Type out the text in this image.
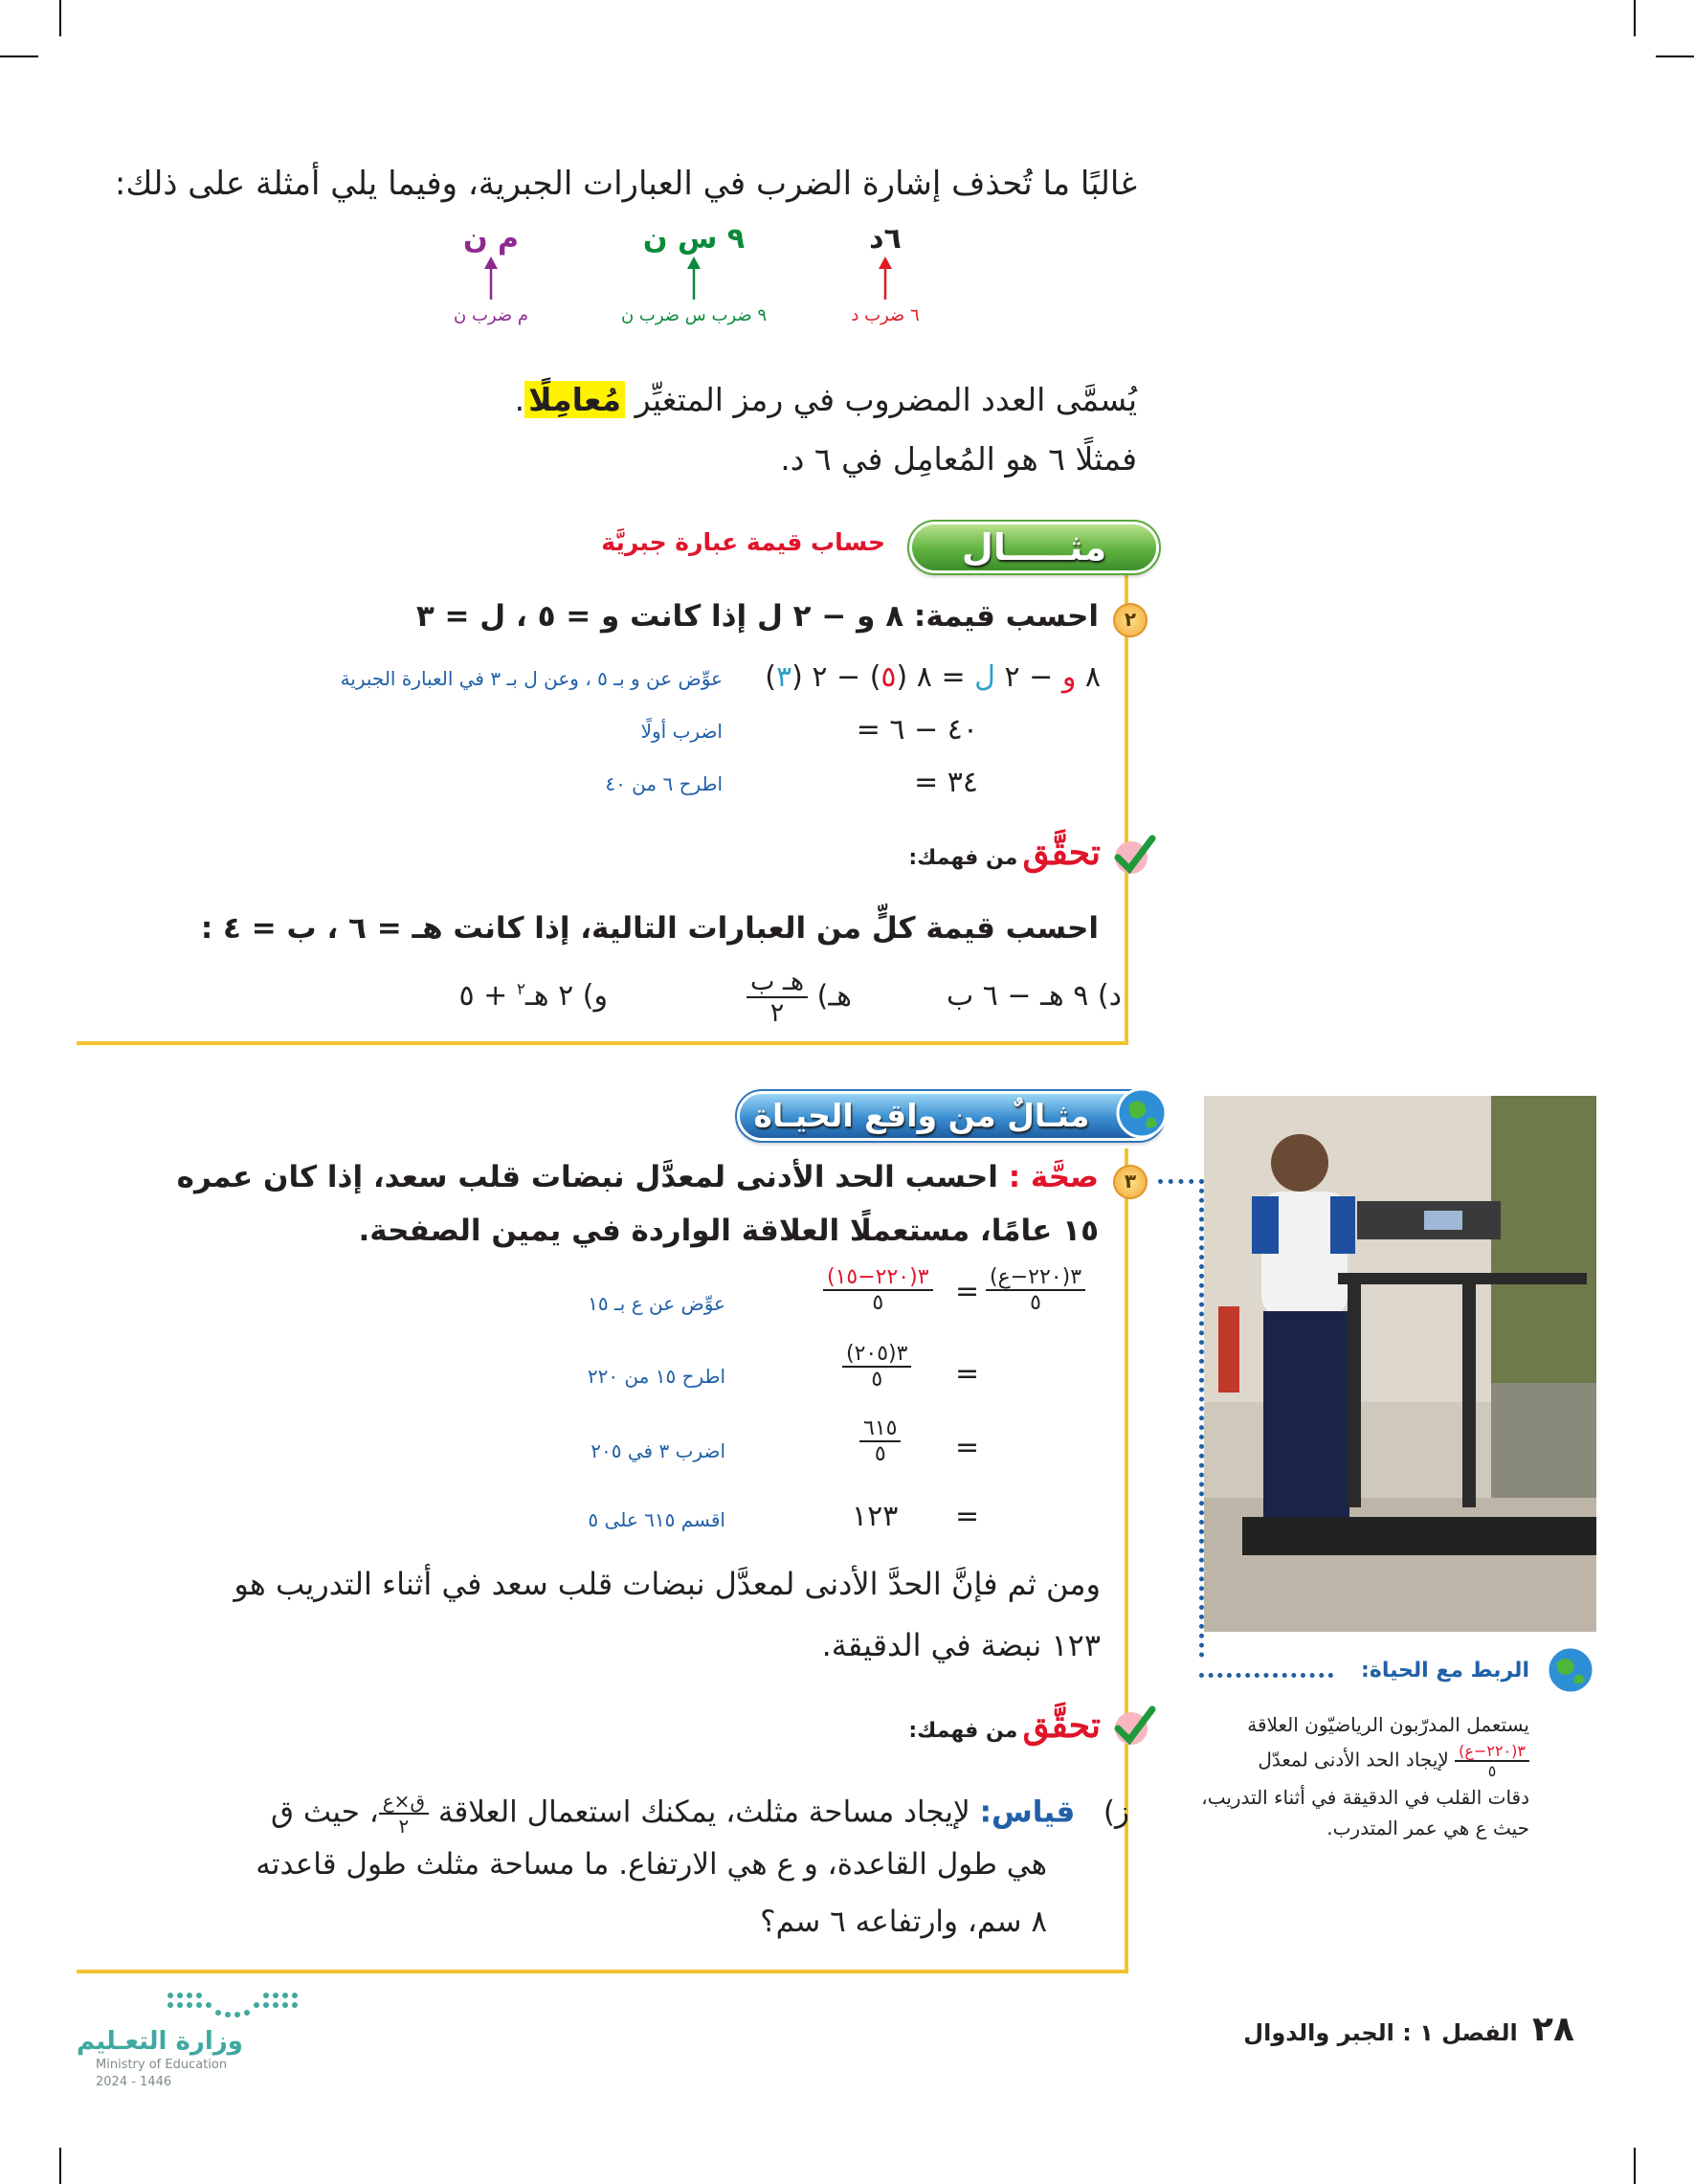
غالبًا ما تُحذف إشارة الضرب في العبارات الجبرية، وفيما يلي أمثلة على ذلك:
٦د
٦ ضرب د
٩ س ن
٩ ضرب س ضرب ن
م ن
م ضرب ن
يُسمَّى العدد المضروب في رمز المتغيِّر مُعامِلًا.
فمثلًا ٦ هو المُعامِل في ٦ د.
مثـــــال
حساب قيمة عبارة جبريَّة
٢
احسب قيمة: ٨ و − ٢ ل إذا كانت و = ٥ ، ل = ٣
٨ و − ٢ ل = ٨ (٥) − ٢ (٣)
عوِّض عن و بـ ٥ ، وعن ل بـ ٣ في العبارة الجبرية
= ٤٠ − ٦
اضرب أولًا
= ٣٤
اطرح ٦ من ٤٠
تحقَّق من فهمك:
احسب قيمة كلٍّ من العبارات التالية، إذا كانت هـ = ٦ ، ب = ٤ :
د) ٩ هـ − ٦ ب
هـ)
$\frac{\text{هـ ب}}{٢}$
و) ٢ هـ$^٢$ + ٥
مثـالٌ من واقع الحيـاة
٣
صحَّة : احسب الحد الأدنى لمعدَّل نبضات قلب سعد، إذا كان عمره
١٥ عامًا، مستعملًا العلاقة الواردة في يمين الصفحة.
$\frac{\text{٣(٢٢٠−ع)}}{٥}$
=
$\frac{٣(٢٢٠-١٥)}{٥}$
عوِّض عن ع بـ ١٥
=
$\frac{٣(٢٠٥)}{٥}$
اطرح ١٥ من ٢٢٠
=
$\frac{٦١٥}{٥}$
اضرب ٣ في ٢٠٥
=
١٢٣
اقسم ٦١٥ على ٥
ومن ثم فإنَّ الحدَّ الأدنى لمعدَّل نبضات قلب سعد في أثناء التدريب هو
١٢٣ نبضة في الدقيقة.
تحقَّق من فهمك:
ز)   قياس: لإيجاد مساحة مثلث، يمكنك استعمال العلاقة
$\frac{\text{ق×ع}}{٢}$
، حيث ق
هي طول القاعدة، و ع هي الارتفاع. ما مساحة مثلث طول قاعدته
٨ سم، وارتفاعه ٦ سم؟
الربط مع الحياة:
يستعمل المدرّبون الرياضيّون العلاقة
$\frac{\text{٣(٢٢٠−ع)}}{٥}$
لإيجاد الحد الأدنى لمعدّل
دقات القلب في الدقيقة في أثناء التدريب،
حيث ع هي عمر المتدرب.
٢٨   الفصل ١ : الجبر والدوال
وزارة التعـليم
Ministry of Education
2024 - 1446
